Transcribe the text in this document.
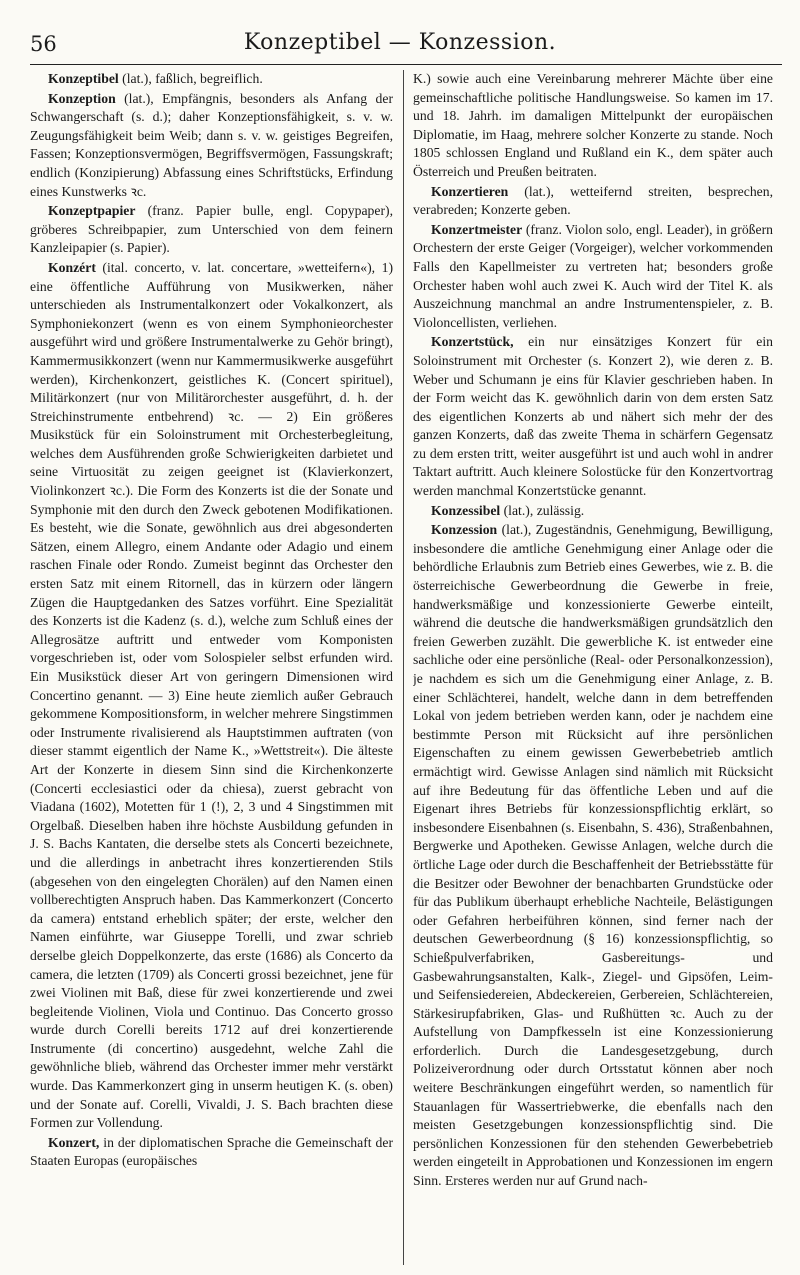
56	Konzeptibel — Konzession.

Konzeptibel (lat.), faßlich, begreiflich.

Konzeption (lat.), Empfängnis, besonders als Anfang der Schwangerschaft (s. d.); daher Konzeptionsfähigkeit, s. v. w. Zeugungsfähigkeit beim Weib; dann s. v. w. geistiges Begreifen, Fassen; Konzeptionsvermögen, Begriffsvermögen, Fassungskraft; endlich (Konzipierung) Abfassung eines Schriftstücks, Erfindung eines Kunstwerks ꝛc.

Konzeptpapier (franz. Papier bulle, engl. Copypaper), gröberes Schreibpapier, zum Unterschied von dem feinern Kanzleipapier (s. Papier).

Konzért (ital. concerto, v. lat. concertare, »wetteifern«), 1) eine öffentliche Aufführung von Musikwerken, näher unterschieden als Instrumentalkonzert oder Vokalkonzert, als Symphoniekonzert (wenn es von einem Symphonieorchester ausgeführt wird und größere Instrumentalwerke zu Gehör bringt), Kammermusikkonzert (wenn nur Kammermusikwerke ausgeführt werden), Kirchenkonzert, geistliches K. (Concert spirituel), Militärkonzert (nur von Militärorchester ausgeführt, d. h. der Streichinstrumente entbehrend) ꝛc. — 2) Ein größeres Musikstück für ein Soloinstrument mit Orchesterbegleitung, welches dem Ausführenden große Schwierigkeiten darbietet und seine Virtuosität zu zeigen geeignet ist (Klavierkonzert, Violinkonzert ꝛc.). Die Form des Konzerts ist die der Sonate und Symphonie mit den durch den Zweck gebotenen Modifikationen. Es besteht, wie die Sonate, gewöhnlich aus drei abgesonderten Sätzen, einem Allegro, einem Andante oder Adagio und einem raschen Finale oder Rondo. Zumeist beginnt das Orchester den ersten Satz mit einem Ritornell, das in kürzern oder längern Zügen die Hauptgedanken des Satzes vorführt. Eine Spezialität des Konzerts ist die Kadenz (s. d.), welche zum Schluß eines der Allegrosätze auftritt und entweder vom Komponisten vorgeschrieben ist, oder vom Solospieler selbst erfunden wird. Ein Musikstück dieser Art von geringern Dimensionen wird Concertino genannt. — 3) Eine heute ziemlich außer Gebrauch gekommene Kompositionsform, in welcher mehrere Singstimmen oder Instrumente rivalisierend als Hauptstimmen auftraten (von dieser stammt eigentlich der Name K., »Wettstreit«). Die älteste Art der Konzerte in diesem Sinn sind die Kirchenkonzerte (Concerti ecclesiastici oder da chiesa), zuerst gebracht von Viadana (1602), Motetten für 1 (!), 2, 3 und 4 Singstimmen mit Orgelbaß. Dieselben haben ihre höchste Ausbildung gefunden in J. S. Bachs Kantaten, die derselbe stets als Concerti bezeichnete, und die allerdings in anbetracht ihres konzertierenden Stils (abgesehen von den eingelegten Chorälen) auf den Namen einen vollberechtigten Anspruch haben. Das Kammerkonzert (Concerto da camera) entstand erheblich später; der erste, welcher den Namen einführte, war Giuseppe Torelli, und zwar schrieb derselbe gleich Doppelkonzerte, das erste (1686) als Concerto da camera, die letzten (1709) als Concerti grossi bezeichnet, jene für zwei Violinen mit Baß, diese für zwei konzertierende und zwei begleitende Violinen, Viola und Continuo. Das Concerto grosso wurde durch Corelli bereits 1712 auf drei konzertierende Instrumente (di concertino) ausgedehnt, welche Zahl die gewöhnliche blieb, während das Orchester immer mehr verstärkt wurde. Das Kammerkonzert ging in unserm heutigen K. (s. oben) und der Sonate auf. Corelli, Vivaldi, J. S. Bach brachten diese Formen zur Vollendung.

Konzert, in der diplomatischen Sprache die Gemeinschaft der Staaten Europas (europäisches

K.) sowie auch eine Vereinbarung mehrerer Mächte über eine gemeinschaftliche politische Handlungsweise. So kamen im 17. und 18. Jahrh. im damaligen Mittelpunkt der europäischen Diplomatie, im Haag, mehrere solcher Konzerte zu stande. Noch 1805 schlossen England und Rußland ein K., dem später auch Österreich und Preußen beitraten.

Konzertieren (lat.), wetteifernd streiten, besprechen, verabreden; Konzerte geben.

Konzertmeister (franz. Violon solo, engl. Leader), in größern Orchestern der erste Geiger (Vorgeiger), welcher vorkommenden Falls den Kapellmeister zu vertreten hat; besonders große Orchester haben wohl auch zwei K. Auch wird der Titel K. als Auszeichnung manchmal an andre Instrumentenspieler, z. B. Violoncellisten, verliehen.

Konzertstück, ein nur einsätziges Konzert für ein Soloinstrument mit Orchester (s. Konzert 2), wie deren z. B. Weber und Schumann je eins für Klavier geschrieben haben. In der Form weicht das K. gewöhnlich darin von dem ersten Satz des eigentlichen Konzerts ab und nähert sich mehr der des ganzen Konzerts, daß das zweite Thema in schärfern Gegensatz zu dem ersten tritt, weiter ausgeführt ist und auch wohl in andrer Taktart auftritt. Auch kleinere Solostücke für den Konzertvortrag werden manchmal Konzertstücke genannt.

Konzessibel (lat.), zulässig.

Konzession (lat.), Zugeständnis, Genehmigung, Bewilligung, insbesondere die amtliche Genehmigung einer Anlage oder die behördliche Erlaubnis zum Betrieb eines Gewerbes, wie z. B. die österreichische Gewerbeordnung die Gewerbe in freie, handwerksmäßige und konzessionierte Gewerbe einteilt, während die deutsche die handwerksmäßigen grundsätzlich den freien Gewerben zuzählt. Die gewerbliche K. ist entweder eine sachliche oder eine persönliche (Real- oder Personalkonzession), je nachdem es sich um die Genehmigung einer Anlage, z. B. einer Schlächterei, handelt, welche dann in dem betreffenden Lokal von jedem betrieben werden kann, oder je nachdem eine bestimmte Person mit Rücksicht auf ihre persönlichen Eigenschaften zu einem gewissen Gewerbebetrieb amtlich ermächtigt wird. Gewisse Anlagen sind nämlich mit Rücksicht auf ihre Bedeutung für das öffentliche Leben und auf die Eigenart ihres Betriebs für konzessionspflichtig erklärt, so insbesondere Eisenbahnen (s. Eisenbahn, S. 436), Straßenbahnen, Bergwerke und Apotheken. Gewisse Anlagen, welche durch die örtliche Lage oder durch die Beschaffenheit der Betriebsstätte für die Besitzer oder Bewohner der benachbarten Grundstücke oder für das Publikum überhaupt erhebliche Nachteile, Belästigungen oder Gefahren herbeiführen können, sind ferner nach der deutschen Gewerbeordnung (§ 16) konzessionspflichtig, so Schießpulverfabriken, Gasbereitungs- und Gasbewahrungsanstalten, Kalk-, Ziegel- und Gipsöfen, Leim- und Seifensiedereien, Abdeckereien, Gerbereien, Schlächtereien, Stärkesirupfabriken, Glas- und Rußhütten ꝛc. Auch zu der Aufstellung von Dampfkesseln ist eine Konzessionierung erforderlich. Durch die Landesgesetzgebung, durch Polizeiverordnung oder durch Ortsstatut können aber noch weitere Beschränkungen eingeführt werden, so namentlich für Stauanlagen für Wassertriebwerke, die ebenfalls nach den meisten Gesetzgebungen konzessionspflichtig sind. Die persönlichen Konzessionen für den stehenden Gewerbebetrieb werden eingeteilt in Approbationen und Konzessionen im engern Sinn. Ersteres werden nur auf Grund nach-
